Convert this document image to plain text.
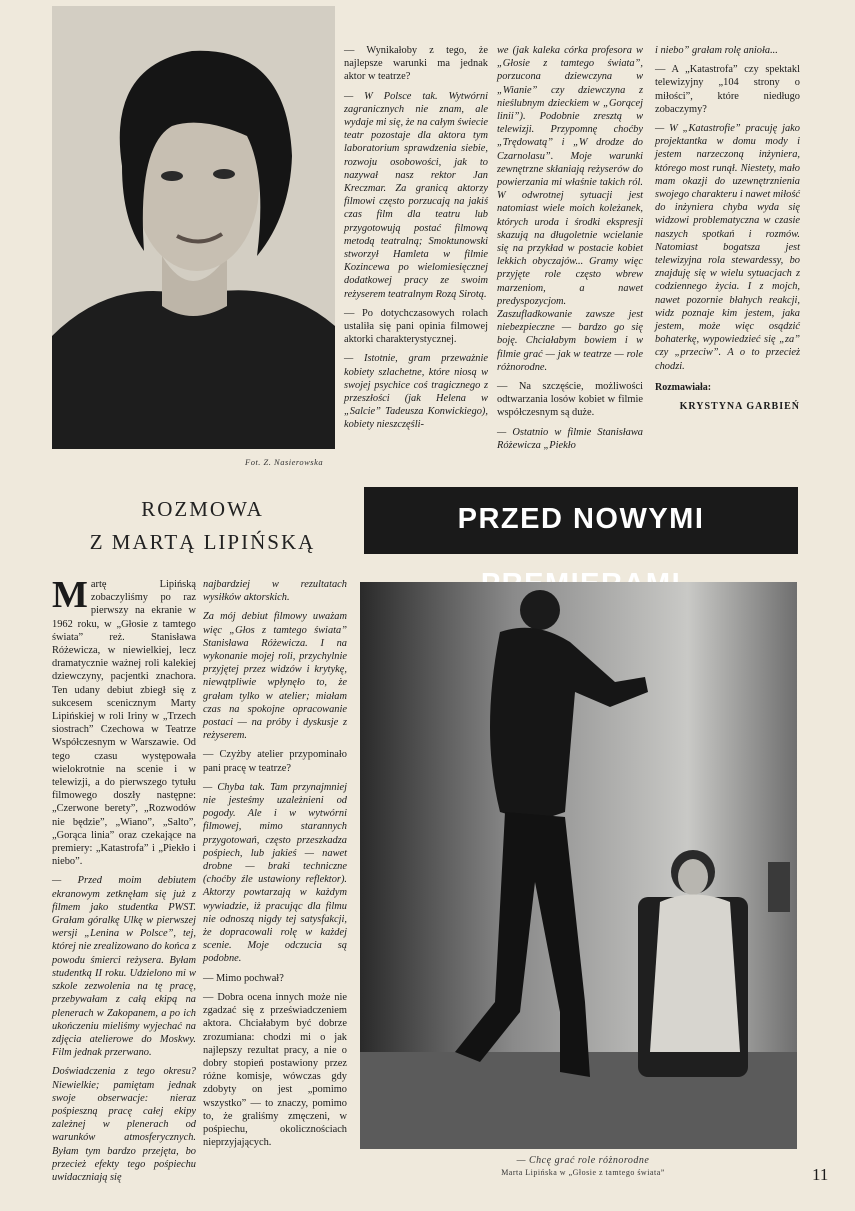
Fot. Z. Nasierowska

— Wynikałoby z tego, że najlepsze warunki ma jednak aktor w teatrze?

— W Polsce tak. Wytwórni zagranicznych nie znam, ale wydaje mi się, że na całym świecie teatr pozostaje dla aktora tym laboratorium sprawdzenia siebie, rozwoju osobowości, jak to nazywał nasz rektor Jan Kreczmar. Za granicą aktorzy filmowi często porzucają na jakiś czas film dla teatru lub przygotowują postać filmową metodą teatralną; Smoktunowski stworzył Hamleta w filmie Kozincewa po wielomiesięcznej dodatkowej pracy ze swoim reżyserem teatralnym Rozą Sirotą.

— Po dotychczasowych rolach ustaliła się pani opinia filmowej aktorki charakterystycznej.

— Istotnie, gram przeważnie kobiety szlachetne, które niosą w swojej psychice coś tragicznego z przeszłości (jak Helena w „Salcie” Tadeusza Konwickiego), kobiety nieszczęśli-

we (jak kaleka córka profesora w „Głosie z tamtego świata”, porzucona dziewczyna w „Wianie” czy dziewczyna z nieślubnym dzieckiem w „Gorącej linii”). Podobnie zresztą w telewizji. Przypomnę choćby „Trędowatą” i „W drodze do Czarnolasu”. Moje warunki zewnętrzne skłaniają reżyserów do powierzania mi właśnie takich ról. W odwrotnej sytuacji jest natomiast wiele moich koleżanek, których uroda i środki ekspresji skazują na długoletnie wcielanie się na przykład w postacie kobiet lekkich obyczajów... Gramy więc przyjęte role często wbrew marzeniom, a nawet predyspozycjom. Zaszufladkowanie zawsze jest niebezpieczne — bardzo go się boję. Chciałabym bowiem i w filmie grać — jak w teatrze — role różnorodne.

— Na szczęście, możliwości odtwarzania losów kobiet w filmie współczesnym są duże.

— Ostatnio w filmie Stanisława Różewicza „Piekło

i niebo” grałam rolę anioła...

— A „Katastrofa” czy spektakl telewizyjny „104 strony o miłości”, które niedługo zobaczymy?

— W „Katastrofie” pracuję jako projektantka w domu mody i jestem narzeczoną inżyniera, którego most runął. Niestety, mało mam okazji do uzewnętrznienia swojego charakteru i nawet miłość do inżyniera chyba wyda się widzowi problematyczna w czasie naszych spotkań i rozmów. Natomiast bogatsza jest telewizyjna rola stewardessy, bo znajduję się w wielu sytuacjach z codziennego życia. I z mojch, nawet pozornie błahych reakcji, widz poznaje kim jestem, jaka jestem, może więc osądzić bohaterkę, wypowiedzieć się „za” czy „przeciw”. A o to przecież chodzi.

Rozmawiała:
KRYSTYNA GARBIEŃ
ROZMOWA
Z MARTĄ LIPIŃSKĄ
PRZED NOWYMI

Martę Lipińską zobaczyliśmy po raz pierwszy na ekranie w 1962 roku, w „Głosie z tamtego świata” reż. Stanisława Różewicza, w niewielkiej, lecz dramatycznie ważnej roli kalekiej dziewczyny, pacjentki znachora. Ten udany debiut zbiegł się z sukcesem scenicznym Marty Lipińskiej w roli Iriny w „Trzech siostrach” Czechowa w Teatrze Współczesnym w Warszawie. Od tego czasu występowała wielokrotnie na scenie i w telewizji, a do pierwszego tytułu filmowego doszły następne: „Czerwone berety”, „Rozwodów nie będzie”, „Wiano”, „Salto”, „Gorąca linia” oraz czekające na premiery: „Katastrofa” i „Piekło i niebo”.

— Przed moim debiutem ekranowym zetknęłam się już z filmem jako studentka PWST. Grałam góralkę Ulkę w pierwszej wersji „Lenina w Polsce”, tej, której nie zrealizowano do końca z powodu śmierci reżysera. Byłam studentką II roku. Udzielono mi w szkole zezwolenia na tę pracę, przebywałam z całą ekipą na plenerach w Zakopanem, a po ich ukończeniu mieliśmy wyjechać na zdjęcia atelierowe do Moskwy. Film jednak przerwano.

Doświadczenia z tego okresu? Niewielkie; pamiętam jednak swoje obserwacje: nieraz pośpieszną pracę całej ekipy zależnej w plenerach od warunków atmosferycznych. Byłam tym bardzo przejęta, bo przecież efekty tego pośpiechu uwidaczniają się

najbardziej w rezultatach wysiłków aktorskich.

Za mój debiut filmowy uważam więc „Głos z tamtego świata” Stanisława Różewicza. I na wykonanie mojej roli, przychylnie przyjętej przez widzów i krytykę, niewątpliwie wpłynęło to, że grałam tylko w atelier; miałam czas na spokojne opracowanie postaci — na próby i dyskusje z reżyserem.

— Czyżby atelier przypominało pani pracę w teatrze?

— Chyba tak. Tam przynajmniej nie jesteśmy uzależnieni od pogody. Ale i w wytwórni filmowej, mimo starannych przygotowań, często przeszkadza pośpiech, lub jakieś — nawet drobne — braki techniczne (choćby źle ustawiony reflektor). Aktorzy powtarzają w każdym wywiadzie, iż pracując dla filmu nie odnoszą nigdy tej satysfakcji, że dopracowali rolę w każdej scenie. Moje odczucia są podobne.

— Mimo pochwał?

— Dobra ocena innych może nie zgadzać się z przeświadczeniem aktora. Chciałabym być dobrze zrozumiana: chodzi mi o jak najlepszy rezultat pracy, a nie o dobry stopień postawiony przez różne komisje, wówczas gdy zdobyty on jest „pomimo wszystko” — to znaczy, pomimo to, że graliśmy zmęczeni, w pośpiechu, okolicznościach nieprzyjających.

— Chcę grać role różnorodne
Marta Lipińska w „Głosie z tamtego świata”	11
